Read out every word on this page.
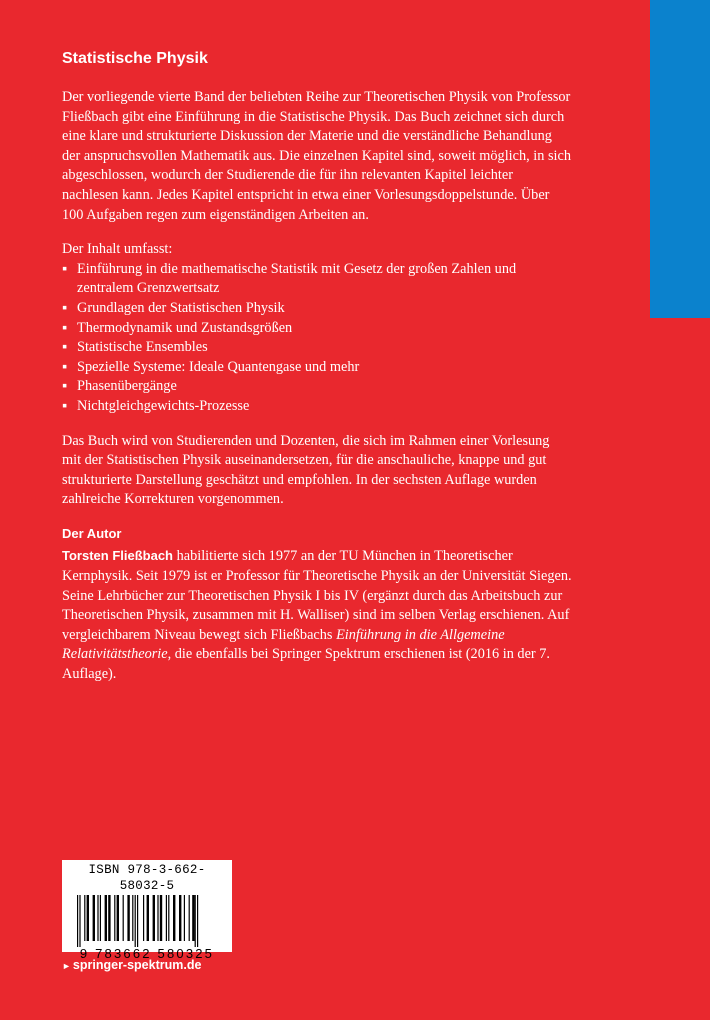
Statistische Physik

Der vorliegende vierte Band der beliebten Reihe zur Theoretischen Physik von Professor Fließbach gibt eine Einführung in die Statistische Physik. Das Buch zeichnet sich durch eine klare und strukturierte Diskussion der Materie und die verständliche Behandlung der anspruchsvollen Mathematik aus. Die einzelnen Kapitel sind, soweit möglich, in sich abgeschlossen, wodurch der Studierende die für ihn relevanten Kapitel leichter nachlesen kann. Jedes Kapitel entspricht in etwa einer Vorlesungsdoppelstunde. Über 100 Aufgaben regen zum eigenständigen Arbeiten an.

Der Inhalt umfasst:

▪ Einführung in die mathematische Statistik mit Gesetz der großen Zahlen und zentralem Grenzwertsatz
▪ Grundlagen der Statistischen Physik
▪ Thermodynamik und Zustandsgrößen
▪ Statistische Ensembles
▪ Spezielle Systeme: Ideale Quantengase und mehr
▪ Phasenübergänge
▪ Nichtgleichgewichts-Prozesse

Das Buch wird von Studierenden und Dozenten, die sich im Rahmen einer Vorlesung mit der Statistischen Physik auseinandersetzen, für die anschauliche, knappe und gut strukturierte Darstellung geschätzt und empfohlen. In der sechsten Auflage wurden zahlreiche Korrekturen vorgenommen.

Der Autor

Torsten Fließbach habilitierte sich 1977 an der TU München in Theoretischer Kernphysik. Seit 1979 ist er Professor für Theoretische Physik an der Universität Siegen. Seine Lehrbücher zur Theoretischen Physik I bis IV (ergänzt durch das Arbeitsbuch zur Theoretischen Physik, zusammen mit H. Walliser) sind im selben Verlag erschienen. Auf vergleichbarem Niveau bewegt sich Fließbachs Einführung in die Allgemeine Relativitätstheorie, die ebenfalls bei Springer Spektrum erschienen ist (2016 in der 7. Auflage).

ISBN 978-3-662-58032-5
9 783662 580325
► springer-spektrum.de
